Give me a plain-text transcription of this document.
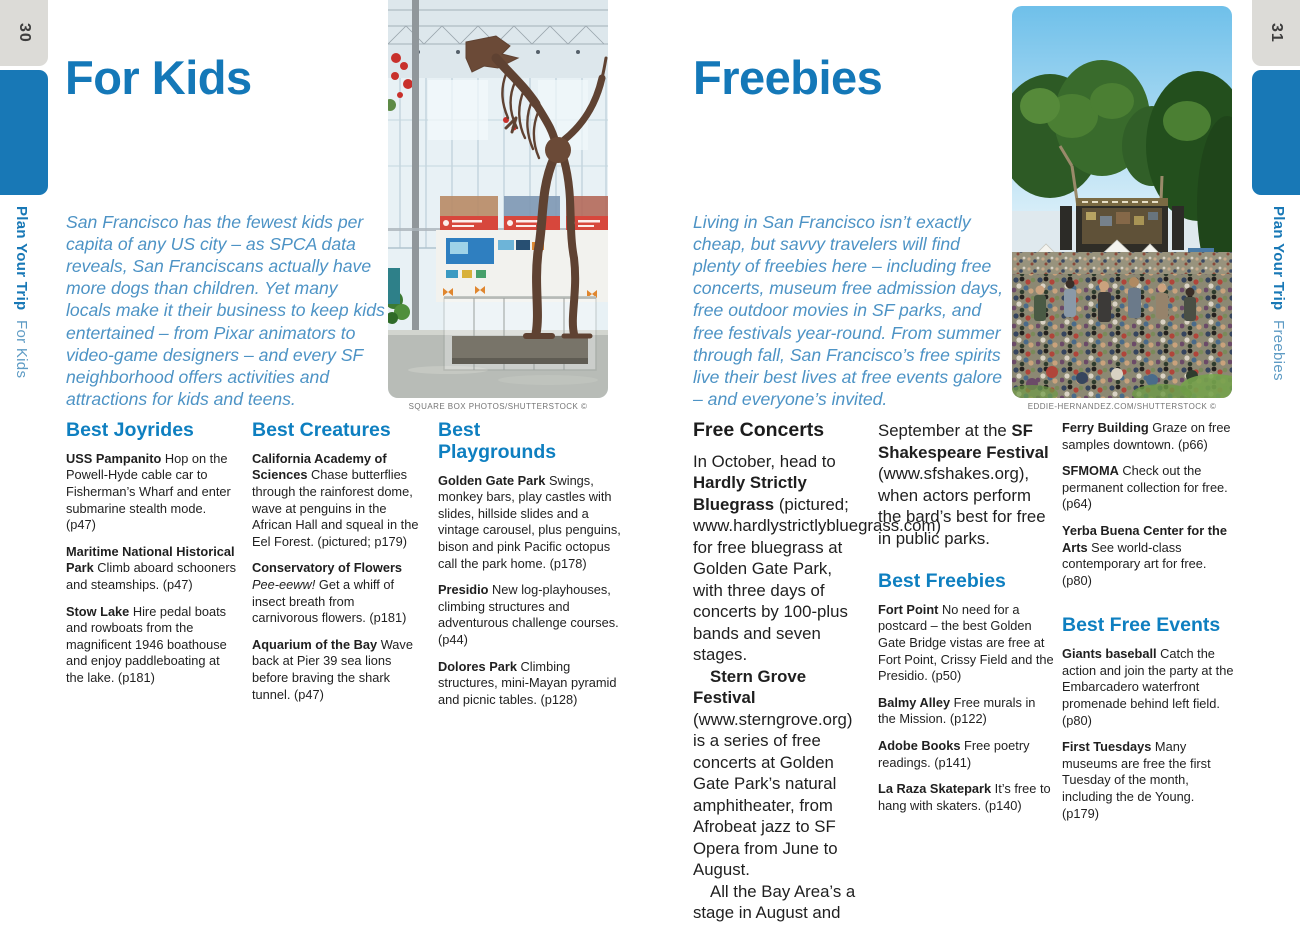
30
Plan Your Trip
For Kids
31
Plan Your Trip
Freebies
For Kids

San Francisco has the fewest kids per capita of any US city – as SPCA data reveals, San Franciscans actually have more dogs than children. Yet many locals make it their business to keep kids entertained – from Pixar animators to video-game designers – and every SF neighborhood offers activities and attractions for kids and teens.	SQUARE BOX PHOTOS/SHUTTERSTOCK ©
Best Joyrides

USS Pampanito Hop on the Powell-Hyde cable car to Fisherman’s Wharf and enter submarine stealth mode. (p47)

Maritime National Historical Park Climb aboard schooners and steamships. (p47)

Stow Lake Hire pedal boats and rowboats from the magnificent 1946 boathouse and enjoy paddleboating at the lake. (p181)

Best Creatures

California Academy of Sciences Chase butterflies through the rainforest dome, wave at penguins in the African Hall and squeal in the Eel Forest. (pictured; p179)

Conservatory of Flowers Pee-eeww! Get a whiff of insect breath from carnivorous flowers. (p181)

Aquarium of the Bay Wave back at Pier 39 sea lions before braving the shark tunnel. (p47)

Best Playgrounds

Golden Gate Park Swings, monkey bars, play castles with slides, hillside slides and a vintage carousel, plus penguins, bison and pink Pacific octopus call the park home. (p178)

Presidio New log-playhouses, climbing structures and adventurous challenge courses. (p44)

Dolores Park Climbing structures, mini-Mayan pyramid and picnic tables. (p128)

Freebies

Living in San Francisco isn’t exactly cheap, but savvy travelers will find plenty of freebies here – including free concerts, museum free admission days, free outdoor movies in SF parks, and free festivals year-round. From summer through fall, San Francisco’s free spirits live their best lives at free events galore – and everyone’s invited.	EDDIE-HERNANDEZ.COM/SHUTTERSTOCK ©
Free Concerts

In October, head to Hardly Strictly Bluegrass (pictured; www.hardlystrictlybluegrass.com) for free bluegrass at Golden Gate Park, with three days of concerts by 100-plus bands and seven stages.

Stern Grove Festival (www.sterngrove.org) is a series of free concerts at Golden Gate Park’s natural amphitheater, from Afrobeat jazz to SF Opera from June to August.

All the Bay Area’s a stage in August and

September at the SF Shakespeare Festival (www.sfshakes.org), when actors perform the bard’s best for free in public parks.

Best Freebies

Fort Point No need for a postcard – the best Golden Gate Bridge vistas are free at Fort Point, Crissy Field and the Presidio. (p50)

Balmy Alley Free murals in the Mission. (p122)

Adobe Books Free poetry readings. (p141)

La Raza Skatepark It’s free to hang with skaters. (p140)

Ferry Building Graze on free samples downtown. (p66)

SFMOMA Check out the permanent collection for free. (p64)

Yerba Buena Center for the Arts See world-class contemporary art for free. (p80)

Best Free Events

Giants baseball Catch the action and join the party at the Embarcadero waterfront promenade behind left field. (p80)

First Tuesdays Many museums are free the first Tuesday of the month, including the de Young. (p179)
